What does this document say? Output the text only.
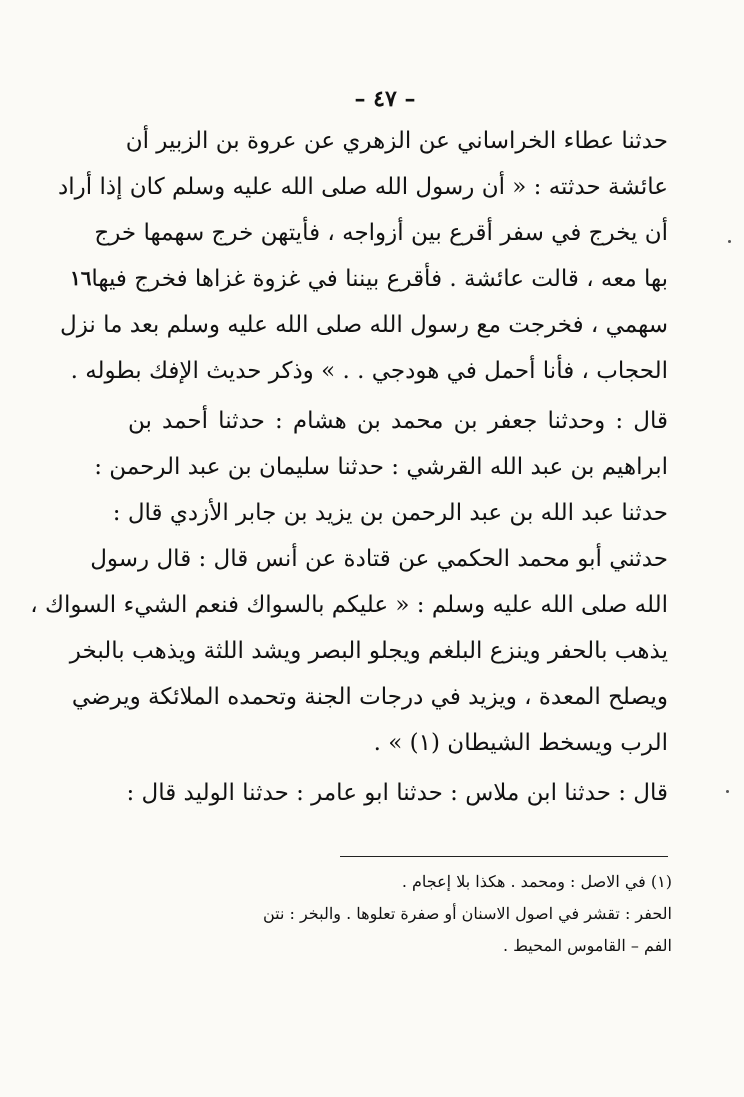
– ٤٧ –
١٦
حدثنا عطاء الخراساني عن الزهري عن عروة بن الزبير أن
عائشة حدثته : « أن رسول الله صلى الله عليه وسلم كان إذا أراد
أن يخرج في سفر أقرع بين أزواجه ، فأيتهن خرج سهمها خرج
بها معه ، قالت عائشة . فأقرع بيننا في غزوة غزاها فخرج فيها
سهمي ، فخرجت مع رسول الله صلى الله عليه وسلم بعد ما نزل
الحجاب ، فأنا أحمل في هودجي . . » وذكر حديث الإفك بطوله .
قال : وحدثنا جعفر بن محمد بن هشام : حدثنا أحمد بن
ابراهيم بن عبد الله القرشي : حدثنا سليمان بن عبد الرحمن :
حدثنا عبد الله بن عبد الرحمن بن يزيد بن جابر الأزدي قال :
حدثني أبو محمد الحكمي عن قتادة عن أنس قال : قال رسول
الله صلى الله عليه وسلم : « عليكم بالسواك فنعم الشيء السواك ،
يذهب بالحفر وينزع البلغم ويجلو البصر ويشد اللثة ويذهب بالبخر
ويصلح المعدة ، ويزيد في درجات الجنة وتحمده الملائكة ويرضي
الرب ويسخط الشيطان (١) » .
قال : حدثنا ابن ملاس : حدثنا ابو عامر : حدثنا الوليد قال :
(١) في الاصل : ومحمد . هكذا بلا إعجام .
الحفر : تقشر في اصول الاسنان أو صفرة تعلوها . والبخر : نتن
الفم – القاموس المحيط .
